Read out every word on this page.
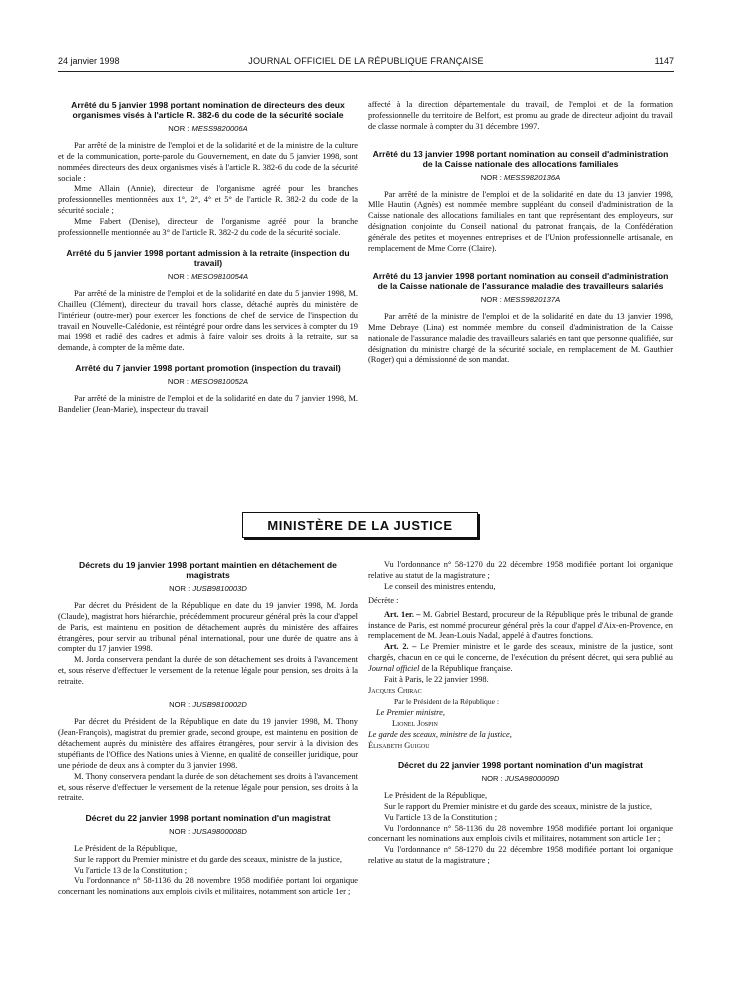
24 janvier 1998	JOURNAL OFFICIEL DE LA RÉPUBLIQUE FRANÇAISE	1147
Arrêté du 5 janvier 1998 portant nomination de directeurs des deux organismes visés à l'article R. 382-6 du code de la sécurité sociale
NOR : MESS9820006A

Par arrêté de la ministre de l'emploi et de la solidarité et de la ministre de la culture et de la communication, porte-parole du Gouvernement, en date du 5 janvier 1998, sont nommées directeurs des deux organismes visés à l'article R. 382-6 du code de la sécurité sociale :

Mme Allain (Annie), directeur de l'organisme agréé pour les branches professionnelles mentionnées aux 1°, 2°, 4° et 5° de l'article R. 382-2 du code de la sécurité sociale ;

Mme Fabert (Denise), directeur de l'organisme agréé pour la branche professionnelle mentionnée au 3° de l'article R. 382-2 du code de la sécurité sociale.

Arrêté du 5 janvier 1998 portant admission à la retraite (inspection du travail)
NOR : MESO9810054A

Par arrêté de la ministre de l'emploi et de la solidarité en date du 5 janvier 1998, M. Chailleu (Clément), directeur du travail hors classe, détaché auprès du ministère de l'intérieur (outre-mer) pour exercer les fonctions de chef de service de l'inspection du travail en Nouvelle-Calédonie, est réintégré pour ordre dans les services à compter du 19 mai 1998 et radié des cadres et admis à faire valoir ses droits à la retraite, sur sa demande, à compter de la même date.

Arrêté du 7 janvier 1998 portant promotion (inspection du travail)
NOR : MESO9810052A

Par arrêté de la ministre de l'emploi et de la solidarité en date du 7 janvier 1998, M. Bandelier (Jean-Marie), inspecteur du travail

affecté à la direction départementale du travail, de l'emploi et de la formation professionnelle du territoire de Belfort, est promu au grade de directeur adjoint du travail de classe normale à compter du 31 décembre 1997.

Arrêté du 13 janvier 1998 portant nomination au conseil d'administration de la Caisse nationale des allocations familiales
NOR : MESS9820136A

Par arrêté de la ministre de l'emploi et de la solidarité en date du 13 janvier 1998, Mlle Hautin (Agnès) est nommée membre suppléant du conseil d'administration de la Caisse nationale des allocations familiales en tant que représentant des employeurs, sur désignation conjointe du Conseil national du patronat français, de la Confédération générale des petites et moyennes entreprises et de l'Union professionnelle artisanale, en remplacement de Mme Corre (Claire).

Arrêté du 13 janvier 1998 portant nomination au conseil d'administration de la Caisse nationale de l'assurance maladie des travailleurs salariés
NOR : MESS9820137A

Par arrêté de la ministre de l'emploi et de la solidarité en date du 13 janvier 1998, Mme Debraye (Lina) est nommée membre du conseil d'administration de la Caisse nationale de l'assurance maladie des travailleurs salariés en tant que personne qualifiée, sur désignation du ministre chargé de la sécurité sociale, en remplacement de M. Gauthier (Roger) qui a démissionné de son mandat.

MINISTÈRE DE LA JUSTICE
Décrets du 19 janvier 1998 portant maintien en détachement de magistrats
NOR : JUSB9810003D

Par décret du Président de la République en date du 19 janvier 1998, M. Jorda (Claude), magistrat hors hiérarchie, précédemment procureur général près la cour d'appel de Paris, est maintenu en position de détachement auprès du ministère des affaires étrangères, pour servir au tribunal pénal international, pour une durée de quatre ans à compter du 17 janvier 1998.

M. Jorda conservera pendant la durée de son détachement ses droits à l'avancement et, sous réserve d'effectuer le versement de la retenue légale pour pension, ses droits à la retraite.

NOR : JUSB9810002D

Par décret du Président de la République en date du 19 janvier 1998, M. Thony (Jean-François), magistrat du premier grade, second groupe, est maintenu en position de détachement auprès du ministère des affaires étrangères, pour servir à la division des stupéfiants de l'Office des Nations unies à Vienne, en qualité de conseiller juridique, pour une période de deux ans à compter du 3 janvier 1998.

M. Thony conservera pendant la durée de son détachement ses droits à l'avancement et, sous réserve d'effectuer le versement de la retenue légale pour pension, ses droits à la retraite.

Décret du 22 janvier 1998 portant nomination d'un magistrat
NOR : JUSA9800008D

Le Président de la République,

Sur le rapport du Premier ministre et du garde des sceaux, ministre de la justice,

Vu l'article 13 de la Constitution ;

Vu l'ordonnance n° 58-1136 du 28 novembre 1958 modifiée portant loi organique concernant les nominations aux emplois civils et militaires, notamment son article 1er ;

Vu l'ordonnance n° 58-1270 du 22 décembre 1958 modifiée portant loi organique relative au statut de la magistrature ;

Le conseil des ministres entendu,

Décrète :

Art. 1er. – M. Gabriel Bestard, procureur de la République près le tribunal de grande instance de Paris, est nommé procureur général près la cour d'appel d'Aix-en-Provence, en remplacement de M. Jean-Louis Nadal, appelé à d'autres fonctions.

Art. 2. – Le Premier ministre et le garde des sceaux, ministre de la justice, sont chargés, chacun en ce qui le concerne, de l'exécution du présent décret, qui sera publié au Journal officiel de la République française.

Fait à Paris, le 22 janvier 1998.

Jacques Chirac

Par le Président de la République :

Le Premier ministre,

Lionel Jospin

Le garde des sceaux, ministre de la justice,

Élisabeth Guigou

Décret du 22 janvier 1998 portant nomination d'un magistrat
NOR : JUSA9800009D

Le Président de la République,

Sur le rapport du Premier ministre et du garde des sceaux, ministre de la justice,

Vu l'article 13 de la Constitution ;

Vu l'ordonnance n° 58-1136 du 28 novembre 1958 modifiée portant loi organique concernant les nominations aux emplois civils et militaires, notamment son article 1er ;

Vu l'ordonnance n° 58-1270 du 22 décembre 1958 modifiée portant loi organique relative au statut de la magistrature ;
